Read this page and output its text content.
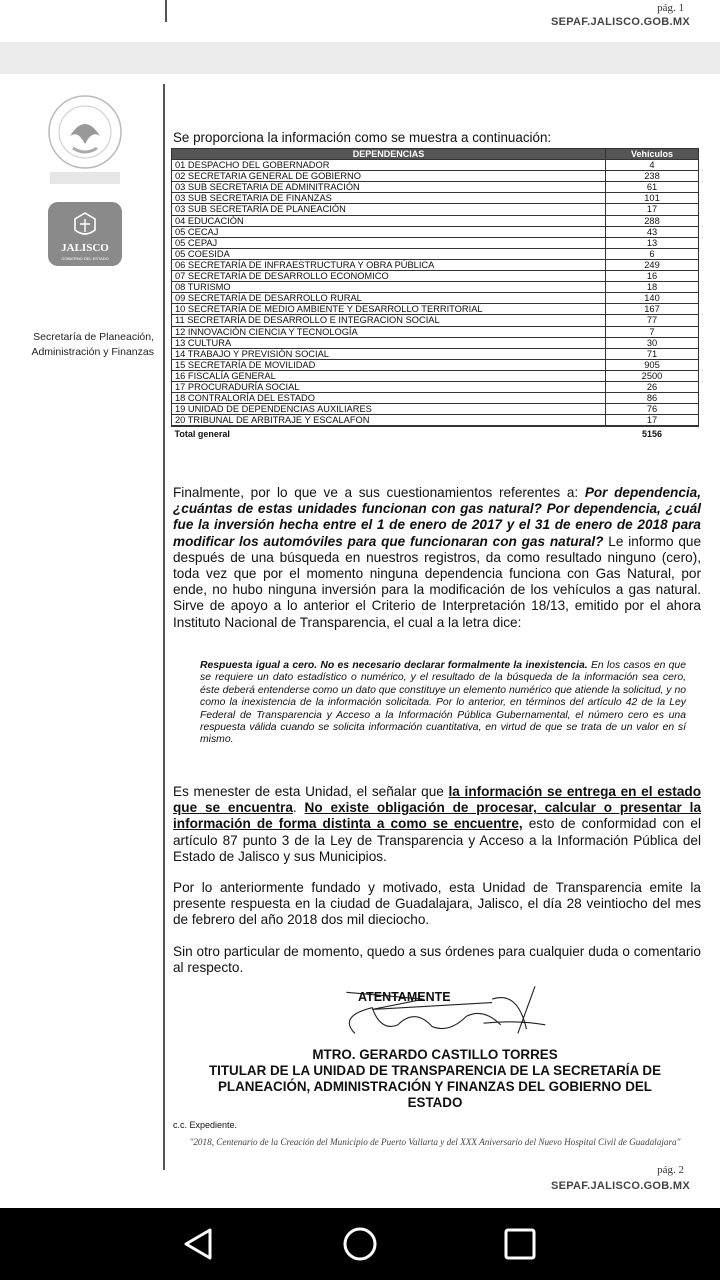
pág. 1
SEPAF.JALISCO.GOB.MX
JALISCO
GOBIERNO DEL ESTADO
Secretaría de Planeación,
Administración y Finanzas
Se proporciona la información como se muestra a continuación:
DEPENDENCIAS	Vehículos
01 DESPACHO DEL GOBERNADOR	4
02 SECRETARIA GENERAL DE GOBIERNO	238
03 SUB SECRETARIA DE ADMINITRACIÓN	61
03 SUB SECRETARIA DE FINANZAS	101
03 SUB SECRETARÍA DE PLANEACIÓN	17
04 EDUCACIÓN	288
05 CECAJ	43
05 CEPAJ	13
05 COESIDA	6
06 SECRETARÍA DE INFRAESTRUCTURA Y OBRA PÚBLICA	249
07 SECRETARÍA DE DESARROLLO ECONOMICO	16
08 TURISMO	18
09 SECRETARÍA DE DESARROLLO RURAL	140
10 SECRETARÍA DE MEDIO AMBIENTE Y DESARROLLO TERRITORIAL	167
11 SECRETARÍA DE DESARROLLO E INTEGRACION SOCIAL	77
12 INNOVACIÓN CIENCIA Y TECNOLOGÍA	7
13 CULTURA	30
14 TRABAJO Y PREVISIÓN SOCIAL	71
15 SECRETARÍA DE MOVILIDAD	905
16 FISCALÍA GENERAL	2500
17 PROCURADURÍA SOCIAL	26
18 CONTRALORÍA DEL ESTADO	86
19 UNIDAD DE DEPENDENCIAS AUXILIARES	76
20 TRIBUNAL DE ARBITRAJE Y ESCALAFON	17
Total general	5156
Finalmente, por lo que ve a sus cuestionamientos referentes a: Por dependencia, ¿cuántas de estas unidades funcionan con gas natural? Por dependencia, ¿cuál fue la inversión hecha entre el 1 de enero de 2017 y el 31 de enero de 2018 para modificar los automóviles para que funcionaran con gas natural? Le informo que después de una búsqueda en nuestros registros, da como resultado ninguno (cero), toda vez que por el momento ninguna dependencia funciona con Gas Natural, por ende, no hubo ninguna inversión para la modificación de los vehículos a gas natural. Sirve de apoyo a lo anterior el Criterio de Interpretación 18/13, emitido por el ahora Instituto Nacional de Transparencia, el cual a la letra dice:
Respuesta igual a cero. No es necesario declarar formalmente la inexistencia. En los casos en que se requiere un dato estadístico o numérico, y el resultado de la búsqueda de la información sea cero, éste deberá entenderse como un dato que constituye un elemento numérico que atiende la solicitud, y no como la inexistencia de la información solicitada. Por lo anterior, en términos del artículo 42 de la Ley Federal de Transparencia y Acceso a la Información Pública Gubernamental, el número cero es una respuesta válida cuando se solicita información cuantitativa, en virtud de que se trata de un valor en sí mismo.
Es menester de esta Unidad, el señalar que la información se entrega en el estado que se encuentra. No existe obligación de procesar, calcular o presentar la información de forma distinta a como se encuentre, esto de conformidad con el artículo 87 punto 3 de la Ley de Transparencia y Acceso a la Información Pública del Estado de Jalisco y sus Municipios.
Por lo anteriormente fundado y motivado, esta Unidad de Transparencia emite la presente respuesta en la ciudad de Guadalajara, Jalisco, el día 28 veintiocho del mes de febrero del año 2018 dos mil dieciocho.
Sin otro particular de momento, quedo a sus órdenes para cualquier duda o comentario al respecto.
ATENTAMENTE
MTRO. GERARDO CASTILLO TORRES
TITULAR DE LA UNIDAD DE TRANSPARENCIA DE LA SECRETARÍA DE PLANEACIÓN, ADMINISTRACIÓN Y FINANZAS DEL GOBIERNO DEL ESTADO
c.c. Expediente.
"2018, Centenario de la Creación del Municipio de Puerto Vallarta y del XXX Aniversario del Nuevo Hospital Civil de Guadalajara"
pág. 2
SEPAF.JALISCO.GOB.MX
